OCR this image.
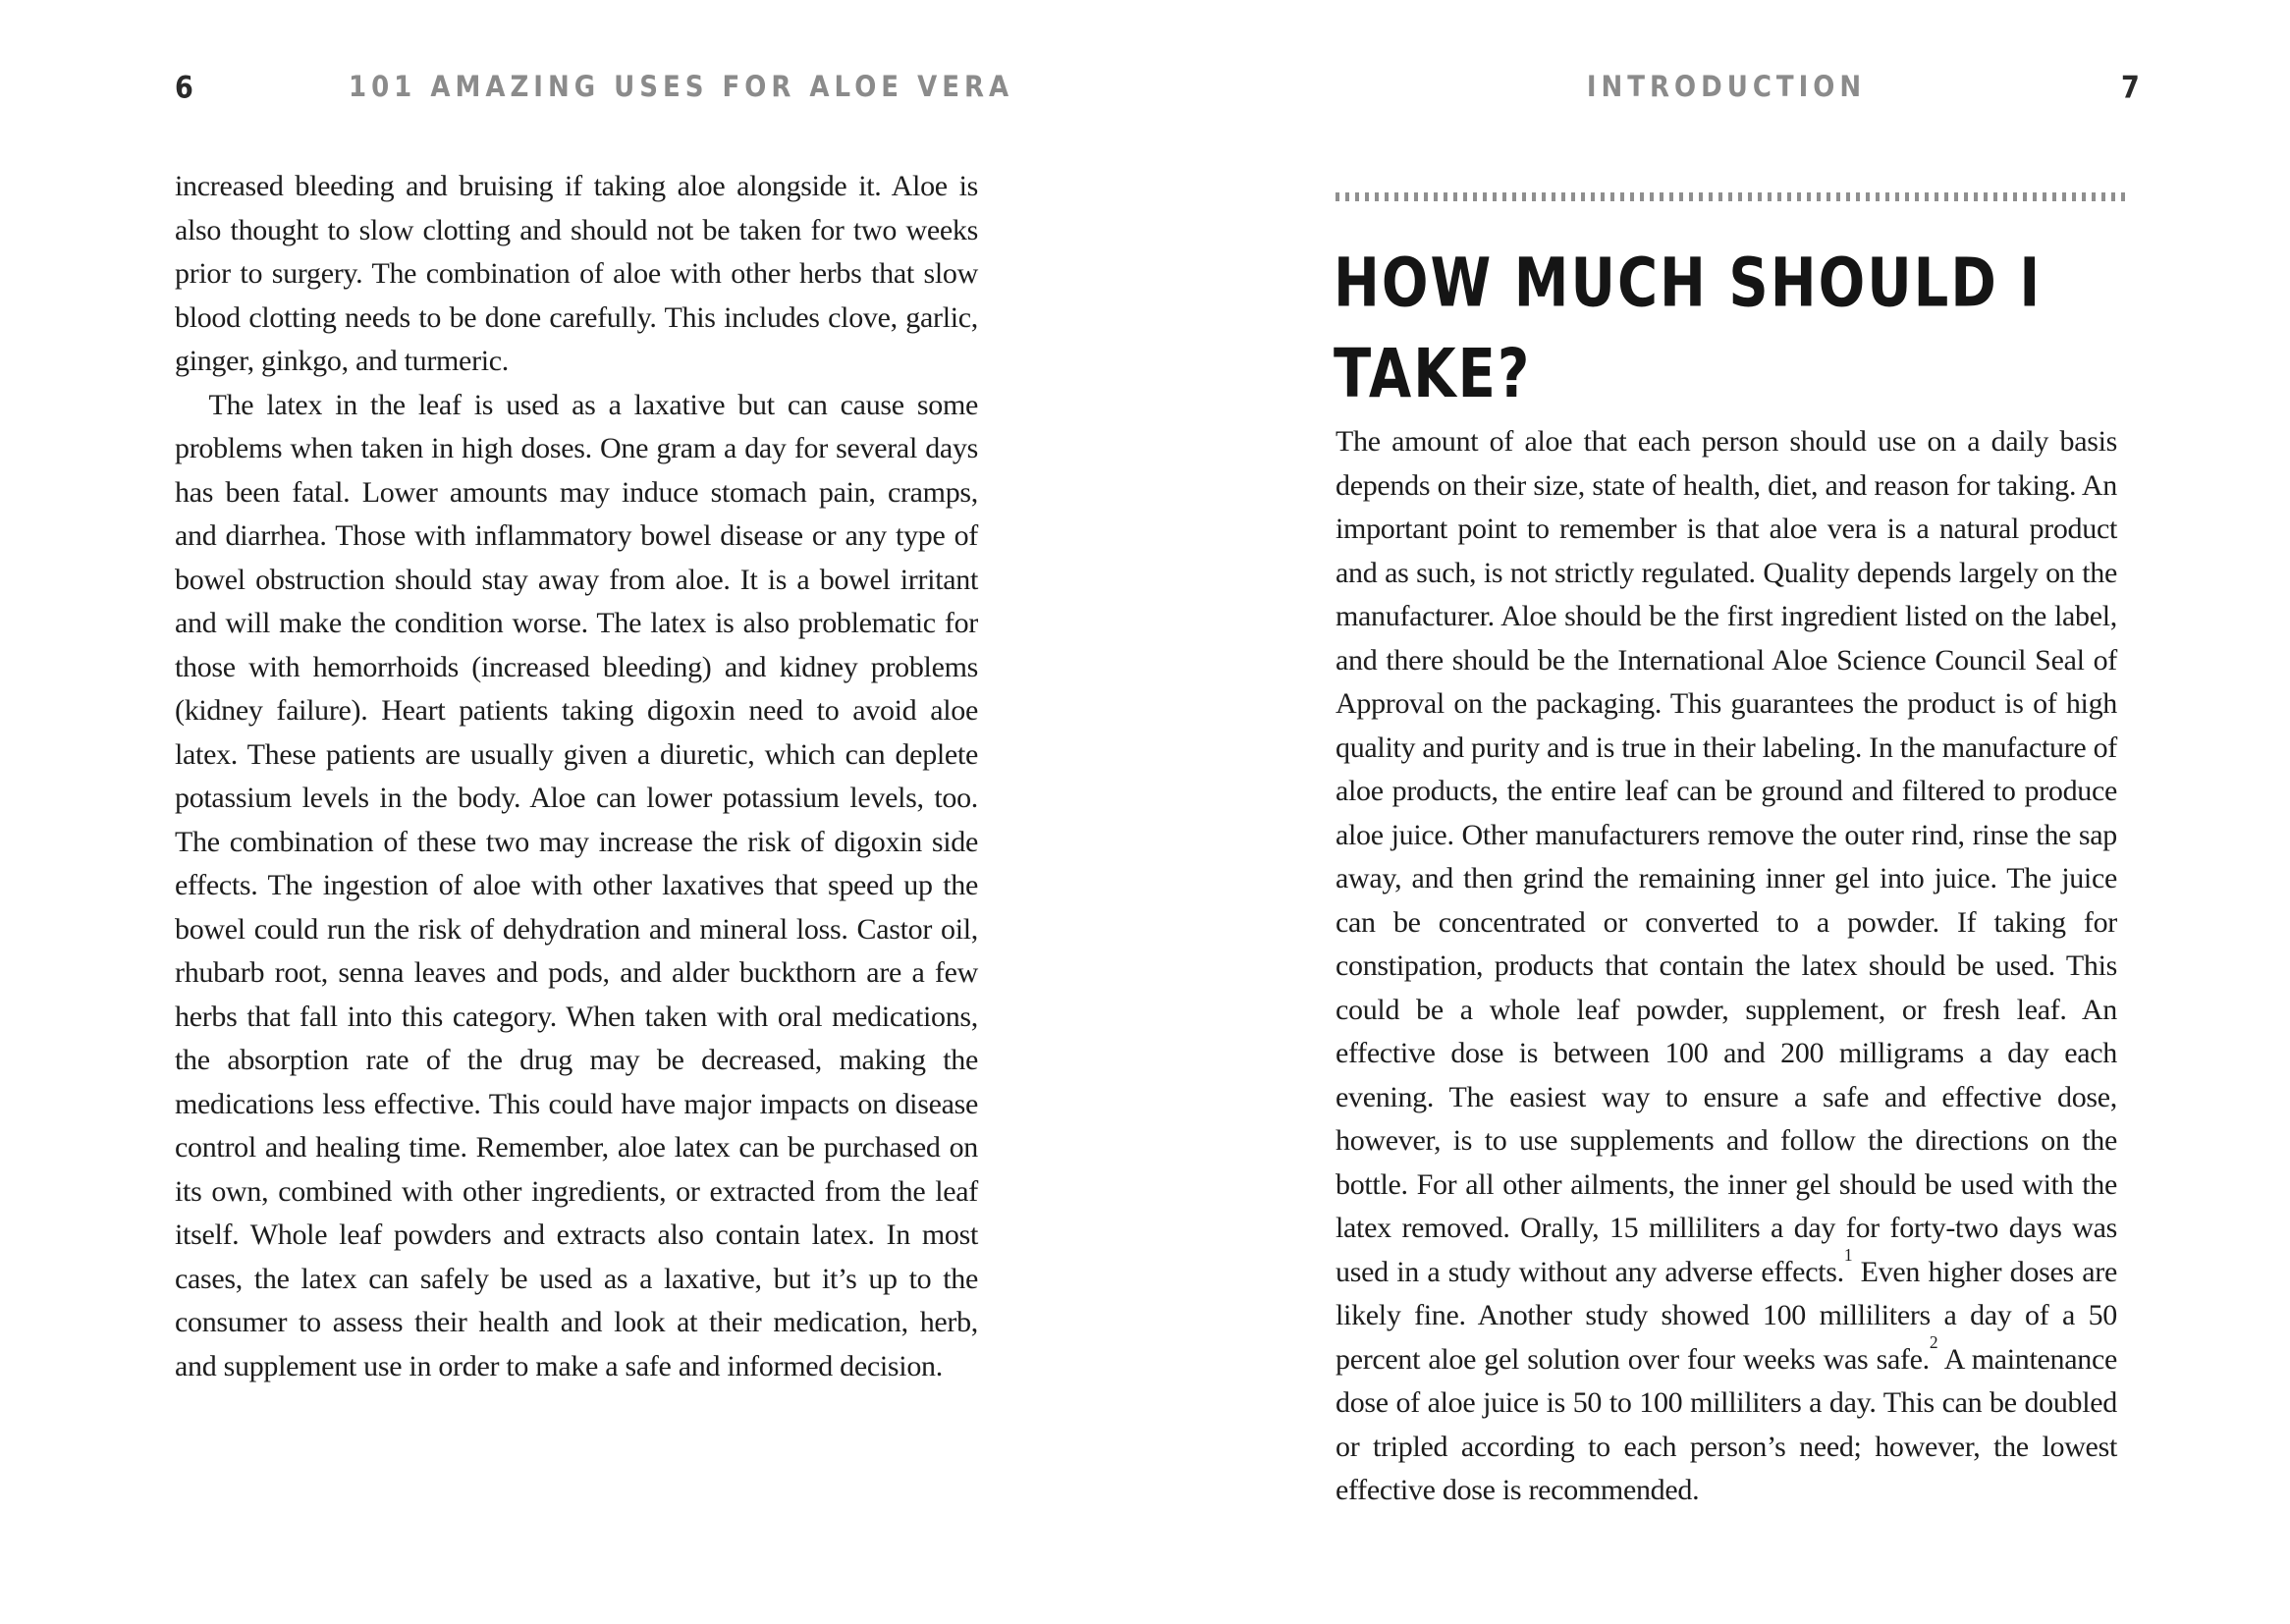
6	101 AMAZING USES FOR ALOE VERA

increased bleeding and bruising if taking aloe alongside it. Aloe is also thought to slow clotting and should not be taken for two weeks prior to surgery. The combination of aloe with other herbs that slow blood clotting needs to be done carefully. This includes clove, garlic, ginger, ginkgo, and turmeric.

The latex in the leaf is used as a laxative but can cause some problems when taken in high doses. One gram a day for several days has been fatal. Lower amounts may induce stomach pain, cramps, and diarrhea. Those with inflammatory bowel disease or any type of bowel obstruction should stay away from aloe. It is a bowel irritant and will make the condition worse. The latex is also problematic for those with hemorrhoids (increased bleeding) and kidney problems (kidney failure). Heart patients taking digoxin need to avoid aloe latex. These patients are usually given a diuretic, which can deplete potassium levels in the body. Aloe can lower potassium levels, too. The combination of these two may increase the risk of digoxin side effects. The ingestion of aloe with other laxatives that speed up the bowel could run the risk of dehydration and mineral loss. Castor oil, rhubarb root, senna leaves and pods, and alder buckthorn are a few herbs that fall into this category. When taken with oral medications, the absorption rate of the drug may be decreased, making the medications less effective. This could have major impacts on disease control and healing time. Remember, aloe latex can be purchased on its own, combined with other ingredients, or extracted from the leaf itself. Whole leaf powders and extracts also contain latex. In most cases, the latex can safely be used as a laxative, but it’s up to the consumer to assess their health and look at their medication, herb, and supplement use in order to make a safe and informed decision.

INTRODUCTION	7
HOW MUCH SHOULD I
TAKE?

The amount of aloe that each person should use on a daily basis depends on their size, state of health, diet, and reason for taking. An important point to remember is that aloe vera is a natural product and as such, is not strictly regulated. Quality depends largely on the manufacturer. Aloe should be the first ingredient listed on the label, and there should be the International Aloe Science Council Seal of Approval on the packaging. This guarantees the product is of high quality and purity and is true in their labeling. In the manufacture of aloe products, the entire leaf can be ground and filtered to produce aloe juice. Other manufacturers remove the outer rind, rinse the sap away, and then grind the remaining inner gel into juice. The juice can be concentrated or converted to a powder. If taking for constipation, products that contain the latex should be used. This could be a whole leaf powder, supplement, or fresh leaf. An effective dose is between 100 and 200 milligrams a day each evening. The easiest way to ensure a safe and effective dose, however, is to use supplements and follow the directions on the bottle. For all other ailments, the inner gel should be used with the latex removed. Orally, 15 milliliters a day for forty-two days was used in a study without any adverse effects.$^1$ Even higher doses are likely fine. Another study showed 100 milliliters a day of a 50 percent aloe gel solution over four weeks was safe.$^2$ A maintenance dose of aloe juice is 50 to 100 milliliters a day. This can be doubled or tripled according to each person’s need; however, the lowest effective dose is recommended.
